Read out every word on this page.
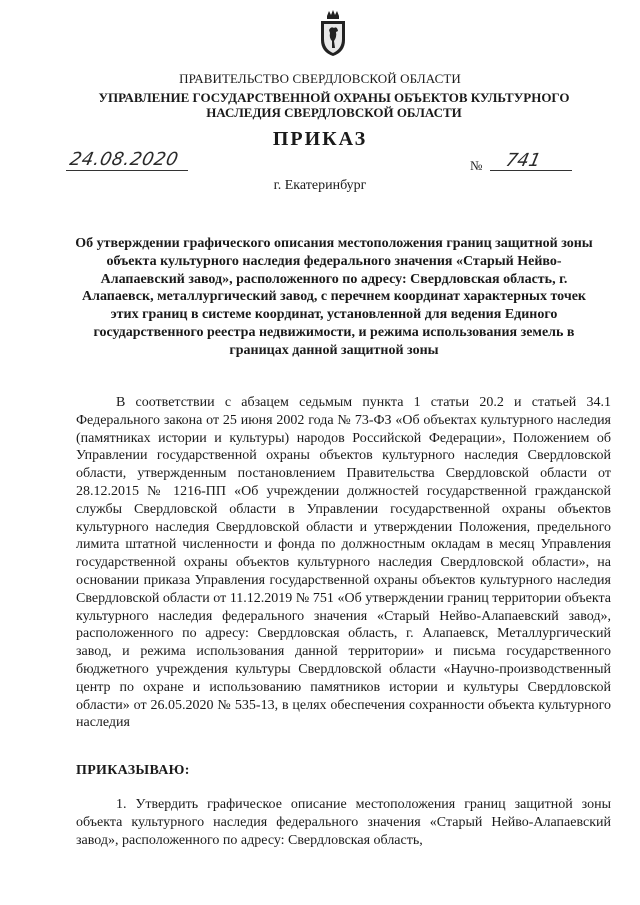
ПРАВИТЕЛЬСТВО СВЕРДЛОВСКОЙ ОБЛАСТИ
УПРАВЛЕНИЕ ГОСУДАРСТВЕННОЙ ОХРАНЫ ОБЪЕКТОВ КУЛЬТУРНОГО НАСЛЕДИЯ СВЕРДЛОВСКОЙ ОБЛАСТИ
ПРИКАЗ
24.08.2020	№ 741
г. Екатеринбург
Об утверждении графического описания местоположения границ защитной зоны объекта культурного наследия федерального значения «Старый Нейво-Алапаевский завод», расположенного по адресу: Свердловская область, г. Алапаевск, металлургический завод, с перечнем координат характерных точек этих границ в системе координат, установленной для ведения Единого государственного реестра недвижимости, и режима использования земель в границах данной защитной зоны
В соответствии с абзацем седьмым пункта 1 статьи 20.2 и статьей 34.1 Федерального закона от 25 июня 2002 года № 73-ФЗ «Об объектах культурного наследия (памятниках истории и культуры) народов Российской Федерации», Положением об Управлении государственной охраны объектов культурного наследия Свердловской области, утвержденным постановлением Правительства Свердловской области от 28.12.2015 № 1216-ПП «Об учреждении должностей государственной гражданской службы Свердловской области в Управлении государственной охраны объектов культурного наследия Свердловской области и утверждении Положения, предельного лимита штатной численности и фонда по должностным окладам в месяц Управления государственной охраны объектов культурного наследия Свердловской области», на основании приказа Управления государственной охраны объектов культурного наследия Свердловской области от 11.12.2019 № 751 «Об утверждении границ территории объекта культурного наследия федерального значения «Старый Нейво-Алапаевский завод», расположенного по адресу: Свердловская область, г. Алапаевск, Металлургический завод, и режима использования данной территории» и письма государственного бюджетного учреждения культуры Свердловской области «Научно-производственный центр по охране и использованию памятников истории и культуры Свердловской области» от 26.05.2020 № 535-13, в целях обеспечения сохранности объекта культурного наследия
ПРИКАЗЫВАЮ:
1. Утвердить графическое описание местоположения границ защитной зоны объекта культурного наследия федерального значения «Старый Нейво-Алапаевский завод», расположенного по адресу: Свердловская область,
